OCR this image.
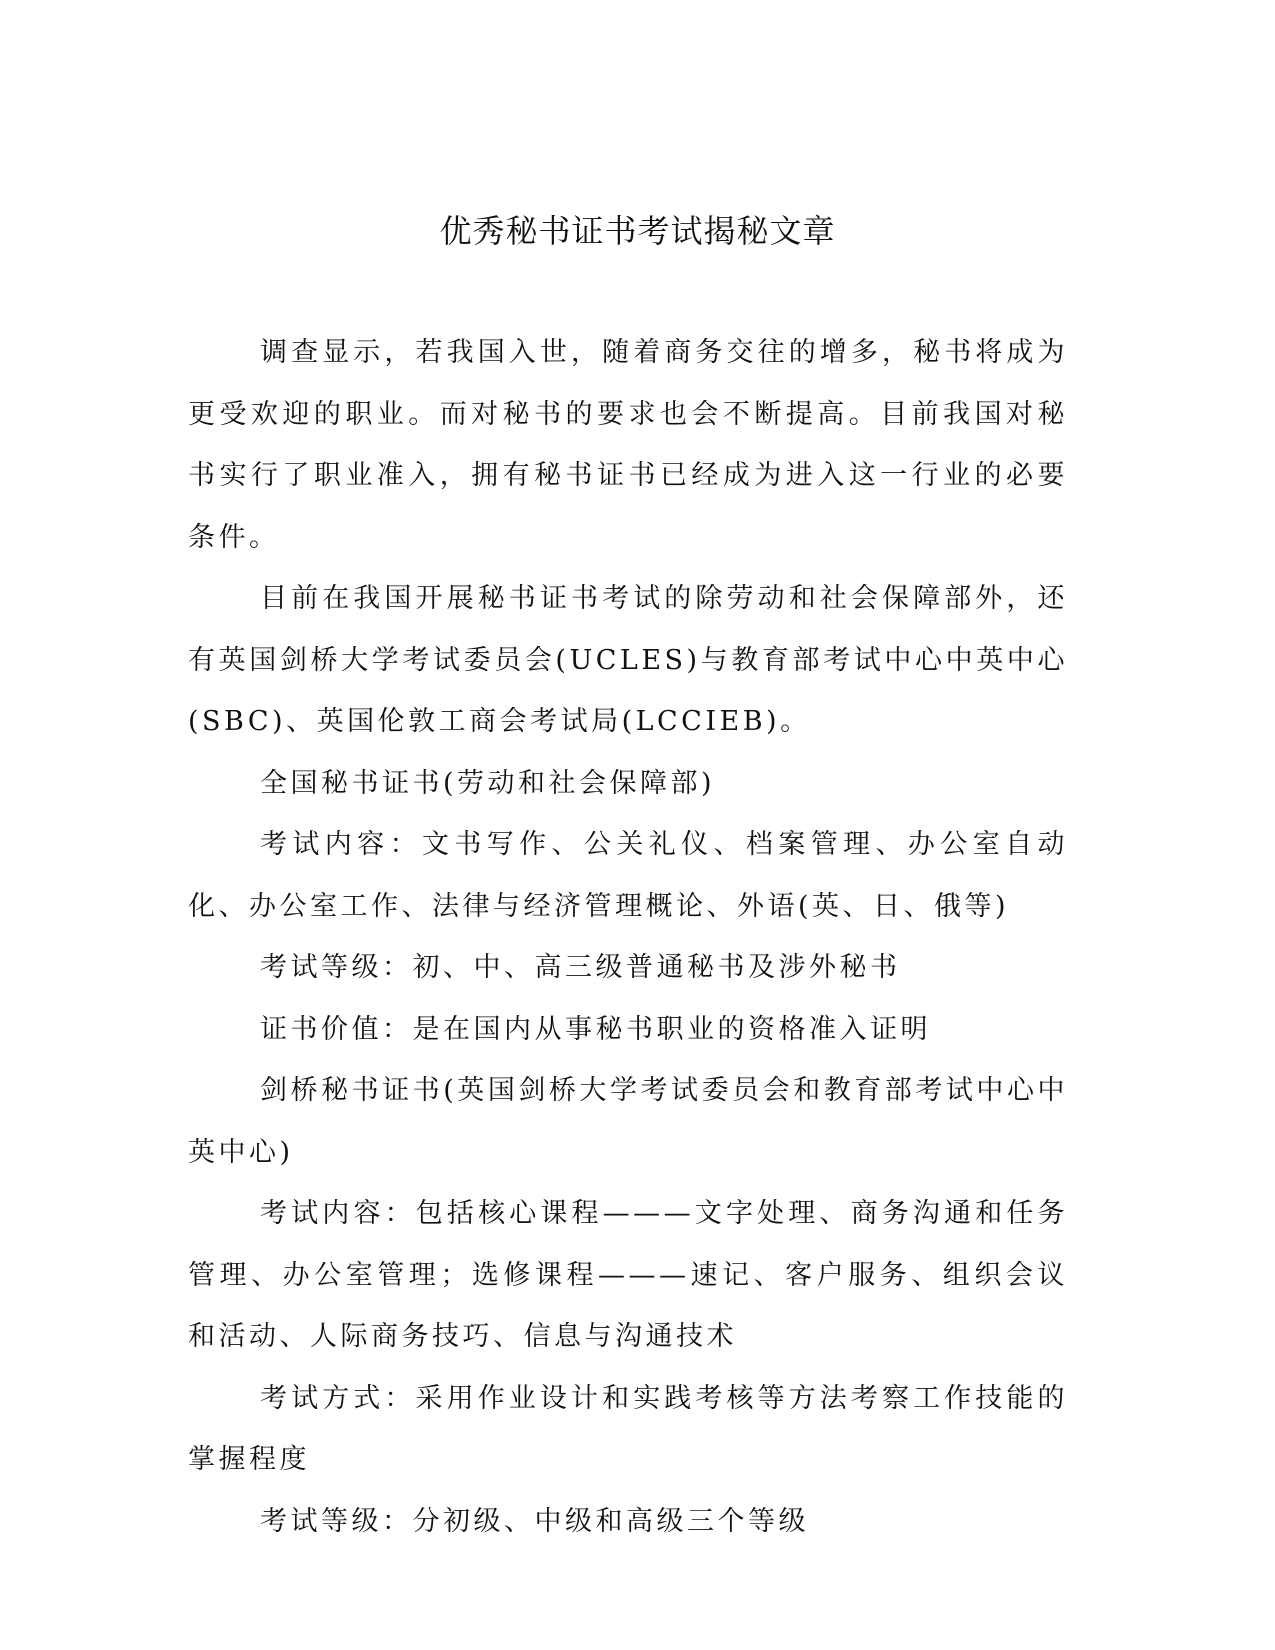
优秀秘书证书考试揭秘文章

调查显示，若我国入世，随着商务交往的增多，秘书将成为更受欢迎的职业。而对秘书的要求也会不断提高。目前我国对秘书实行了职业准入，拥有秘书证书已经成为进入这一行业的必要条件。

目前在我国开展秘书证书考试的除劳动和社会保障部外，还有英国剑桥大学考试委员会(UCLES)与教育部考试中心中英中心(SBC)、英国伦敦工商会考试局(LCCIEB)。

全国秘书证书(劳动和社会保障部)

考试内容：文书写作、公关礼仪、档案管理、办公室自动化、办公室工作、法律与经济管理概论、外语(英、日、俄等)

考试等级：初、中、高三级普通秘书及涉外秘书

证书价值：是在国内从事秘书职业的资格准入证明

剑桥秘书证书(英国剑桥大学考试委员会和教育部考试中心中英中心)

考试内容：包括核心课程———文字处理、商务沟通和任务管理、办公室管理；选修课程———速记、客户服务、组织会议和活动、人际商务技巧、信息与沟通技术

考试方式：采用作业设计和实践考核等方法考察工作技能的掌握程度

考试等级：分初级、中级和高级三个等级
